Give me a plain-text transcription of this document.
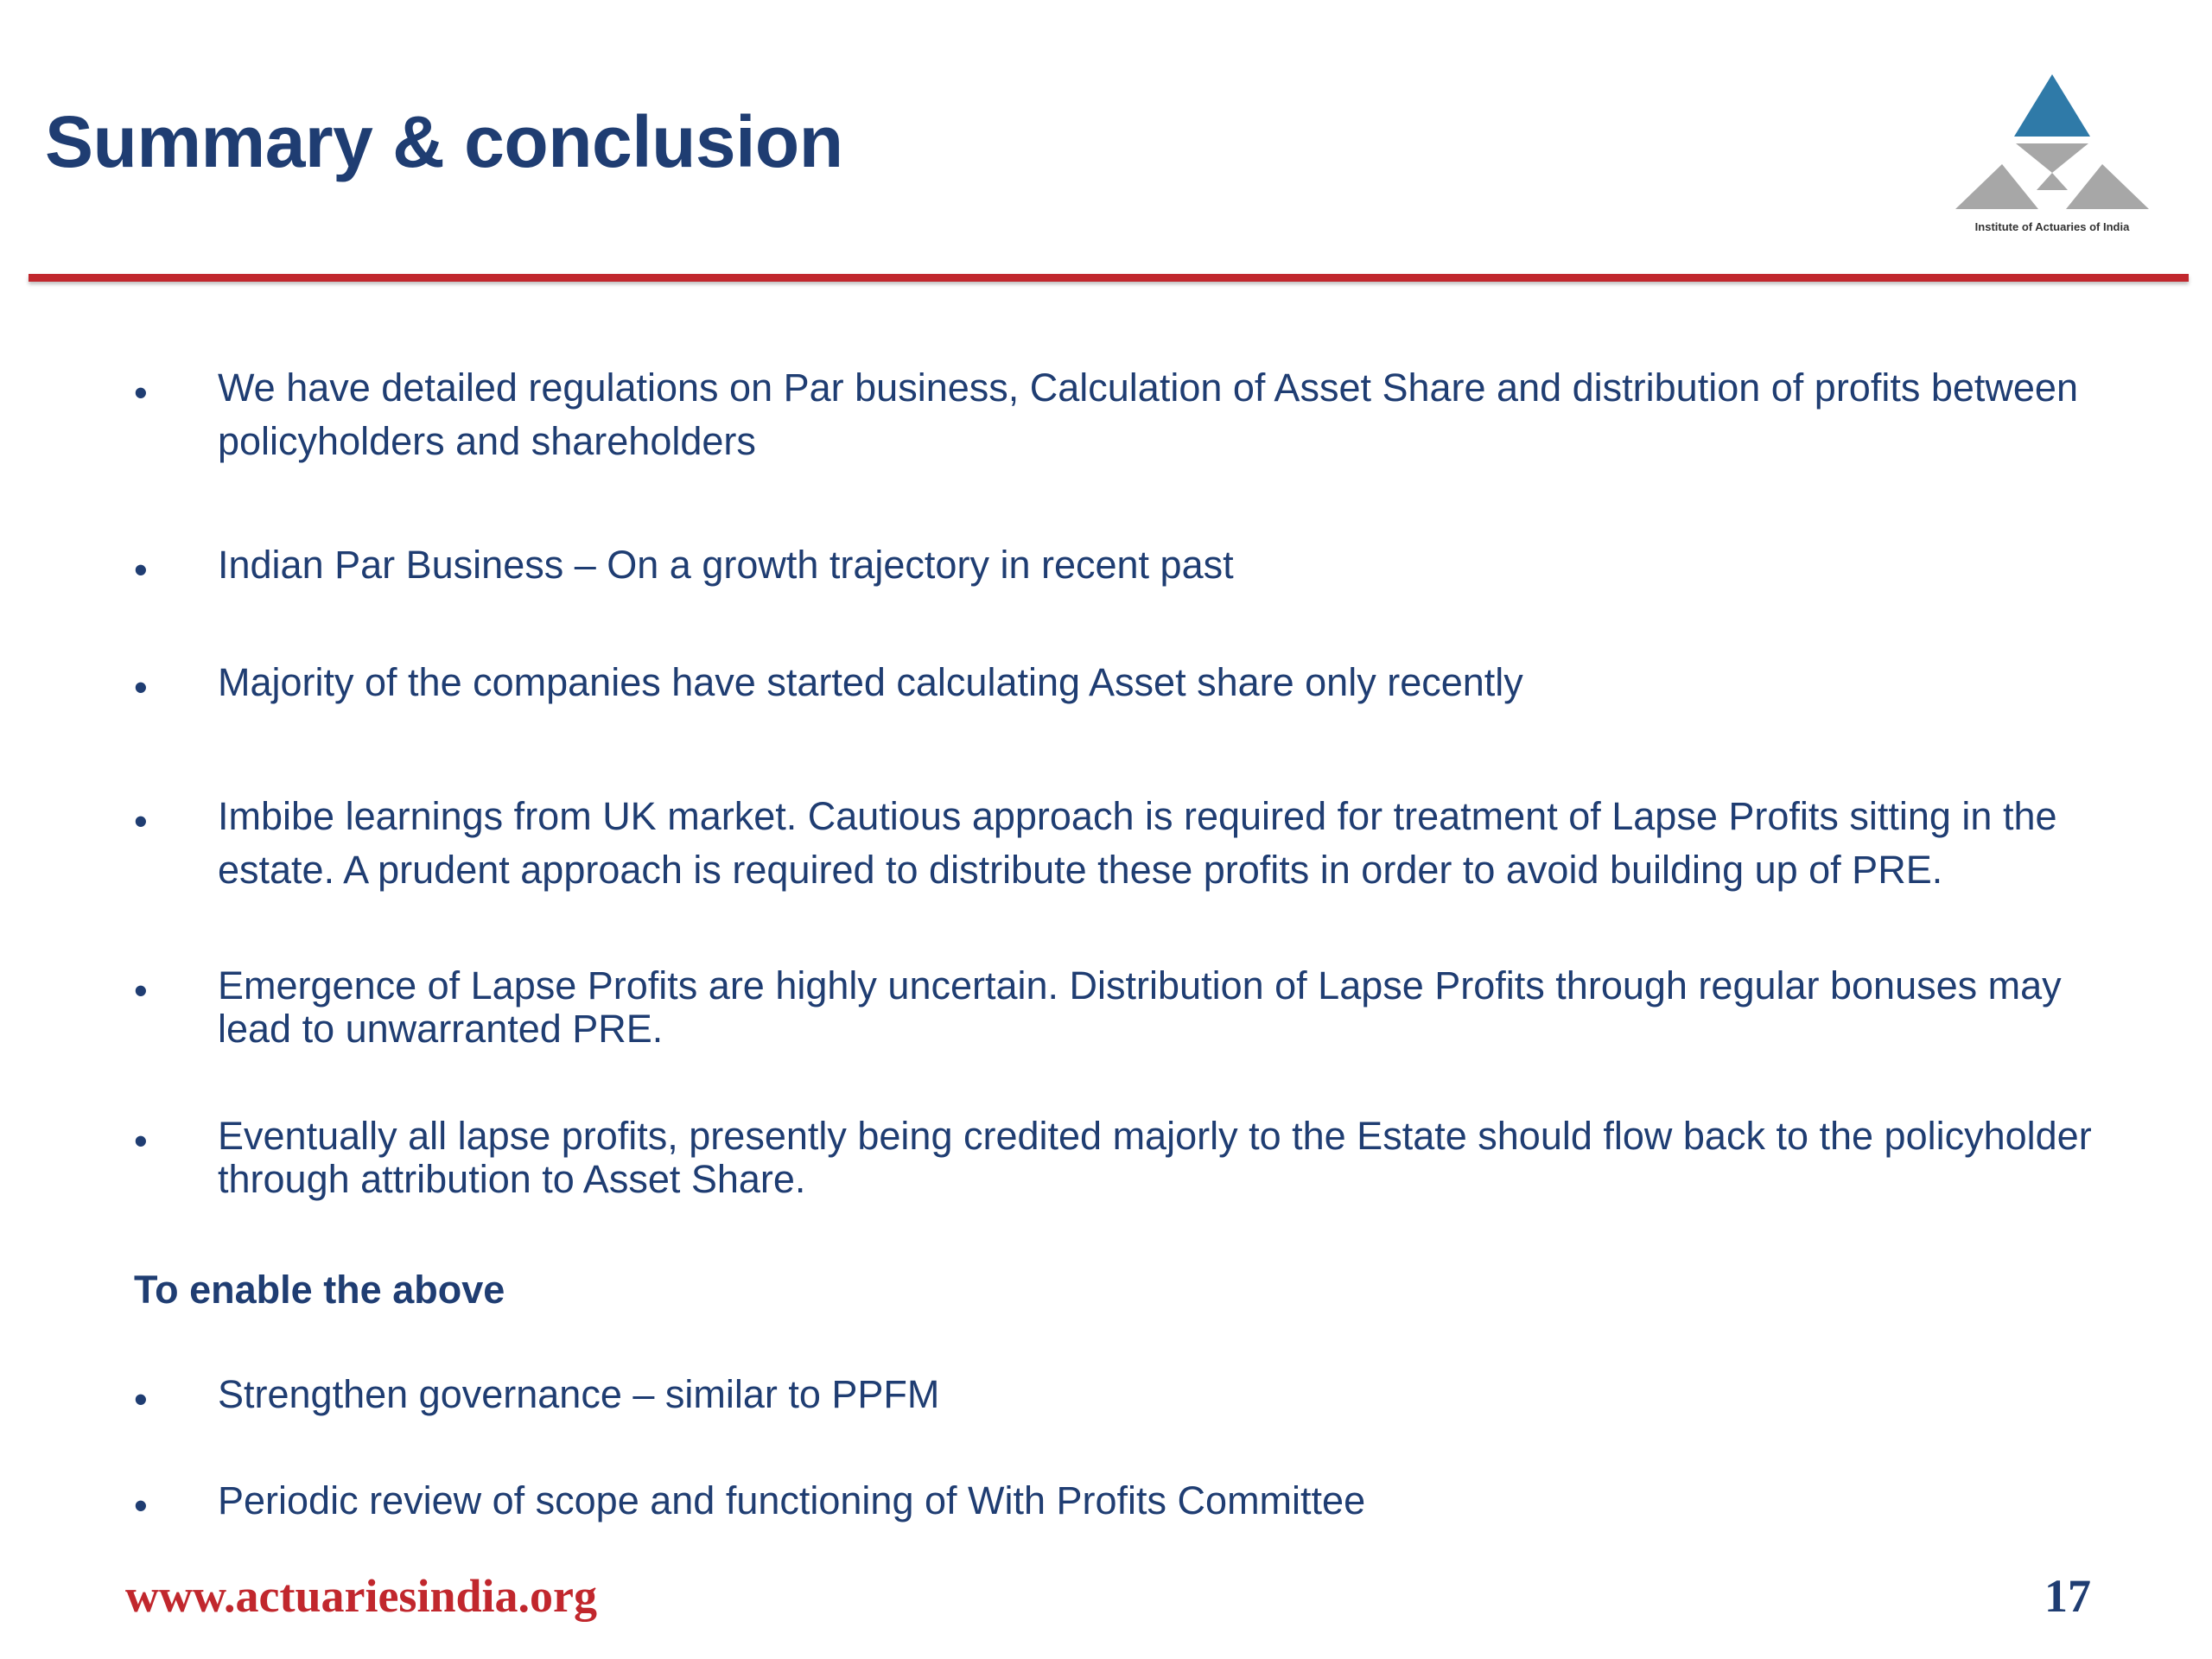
Summary & conclusion
Institute of Actuaries of India
• We have detailed regulations on Par business, Calculation of Asset Share and distribution of profits between policyholders and shareholders
• Indian Par Business – On a growth trajectory in recent past
• Majority of the companies have started calculating Asset share only recently
• Imbibe learnings from UK market. Cautious approach is required for treatment of Lapse Profits sitting in the estate. A prudent approach is required to distribute these profits in order to avoid building up of PRE.
• Emergence of Lapse Profits are highly uncertain. Distribution of Lapse Profits through regular bonuses may lead to unwarranted PRE.
• Eventually all lapse profits, presently being credited majorly to the Estate should flow back to the policyholder through attribution to Asset Share.
To enable the above
• Strengthen governance – similar to PPFM
• Periodic review of scope and functioning of With Profits Committee
www.actuariesindia.org	17
